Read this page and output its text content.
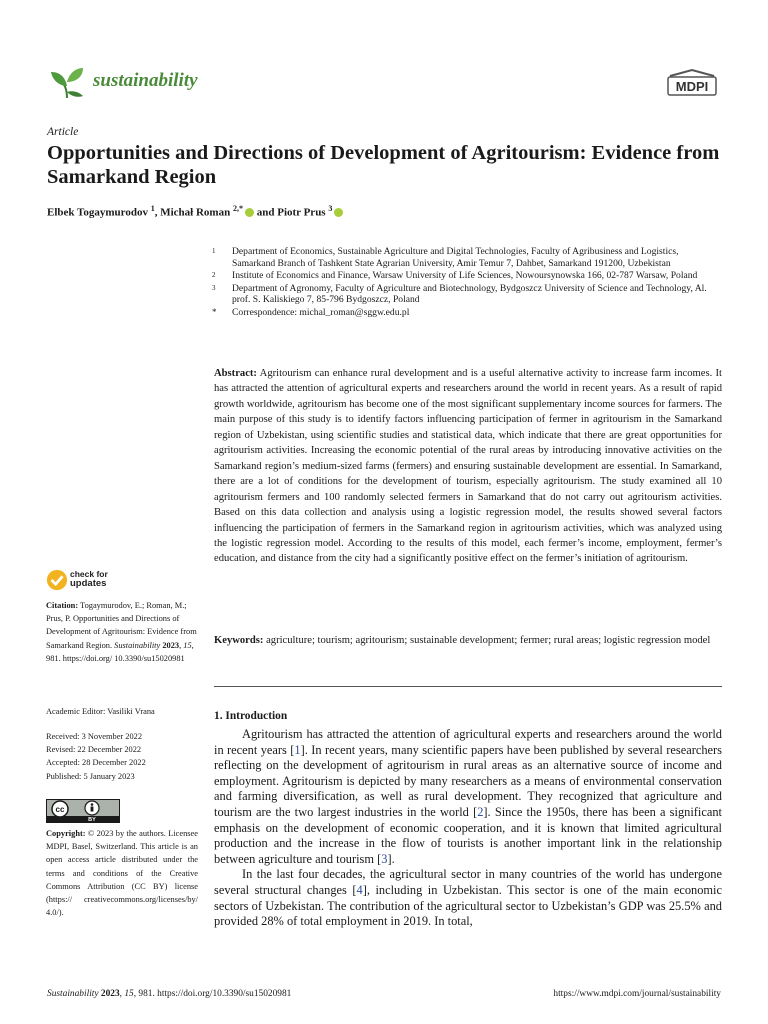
sustainability	MDPI
Article
Opportunities and Directions of Development of Agritourism: Evidence from Samarkand Region
Elbek Togaymurodov $^1$, Michał Roman $^{2,*}$ and Piotr Prus $^3$
1	Department of Economics, Sustainable Agriculture and Digital Technologies, Faculty of Agribusiness and Logistics, Samarkand Branch of Tashkent State Agrarian University, Amir Temur 7, Dahbet, Samarkand 191200, Uzbekistan
2	Institute of Economics and Finance, Warsaw University of Life Sciences, Nowoursynowska 166, 02-787 Warsaw, Poland
3	Department of Agronomy, Faculty of Agriculture and Biotechnology, Bydgoszcz University of Science and Technology, Al. prof. S. Kaliskiego 7, 85-796 Bydgoszcz, Poland
*	Correspondence: michal_roman@sggw.edu.pl
Abstract: Agritourism can enhance rural development and is a useful alternative activity to increase farm incomes. It has attracted the attention of agricultural experts and researchers around the world in recent years. As a result of rapid growth worldwide, agritourism has become one of the most significant supplementary income sources for farmers. The main purpose of this study is to identify factors influencing participation of fermer in agritourism in the Samarkand region of Uzbekistan, using scientific studies and statistical data, which indicate that there are great opportunities for agritourism activities. Increasing the economic potential of the rural areas by introducing innovative activities on the Samarkand region’s medium-sized farms (fermers) and ensuring sustainable development are essential. In Samarkand, there are a lot of conditions for the development of tourism, especially agritourism. The study examined all 10 agritourism fermers and 100 randomly selected fermers in Samarkand that do not carry out agritourism activities. Based on this data collection and analysis using a logistic regression model, the results showed several factors influencing the participation of fermers in the Samarkand region in agritourism activities, which was analyzed using the logistic regression model. According to the results of this model, each fermer’s income, employment, fermer’s education, and distance from the city had a significantly positive effect on the fermer’s initiation of agritourism.
Keywords: agriculture; tourism; agritourism; sustainable development; fermer; rural areas; logistic regression model
1. Introduction

Agritourism has attracted the attention of agricultural experts and researchers around the world in recent years [1]. In recent years, many scientific papers have been published by several researchers reflecting on the development of agritourism in rural areas as an alternative source of income and employment. Agritourism is depicted by many researchers as a means of environmental conservation and farming diversification, as well as rural development. They recognized that agriculture and tourism are the two largest industries in the world [2]. Since the 1950s, there has been a significant emphasis on the development of economic cooperation, and it is known that limited agricultural production and the increase in the flow of tourists is another important link in the relationship between agriculture and tourism [3].

In the last four decades, the agricultural sector in many countries of the world has undergone several structural changes [4], including in Uzbekistan. This sector is one of the main economic sectors of Uzbekistan. The contribution of the agricultural sector to Uzbekistan’s GDP was 25.5% and provided 28% of total employment in 2019. In total,

check for
updates
Citation: Togaymurodov, E.; Roman, M.; Prus, P. Opportunities and Directions of Development of Agritourism: Evidence from Samarkand Region. Sustainability 2023, 15, 981. https://doi.org/ 10.3390/su15020981
Academic Editor: Vasiliki Vrana
Received: 3 November 2022
Revised: 22 December 2022
Accepted: 28 December 2022
Published: 5 January 2023
cc
BY
Copyright: © 2023 by the authors. Licensee MDPI, Basel, Switzerland. This article is an open access article distributed under the terms and conditions of the Creative Commons Attribution (CC BY) license (https:// creativecommons.org/licenses/by/ 4.0/).
Sustainability 2023, 15, 981. https://doi.org/10.3390/su15020981	https://www.mdpi.com/journal/sustainability
